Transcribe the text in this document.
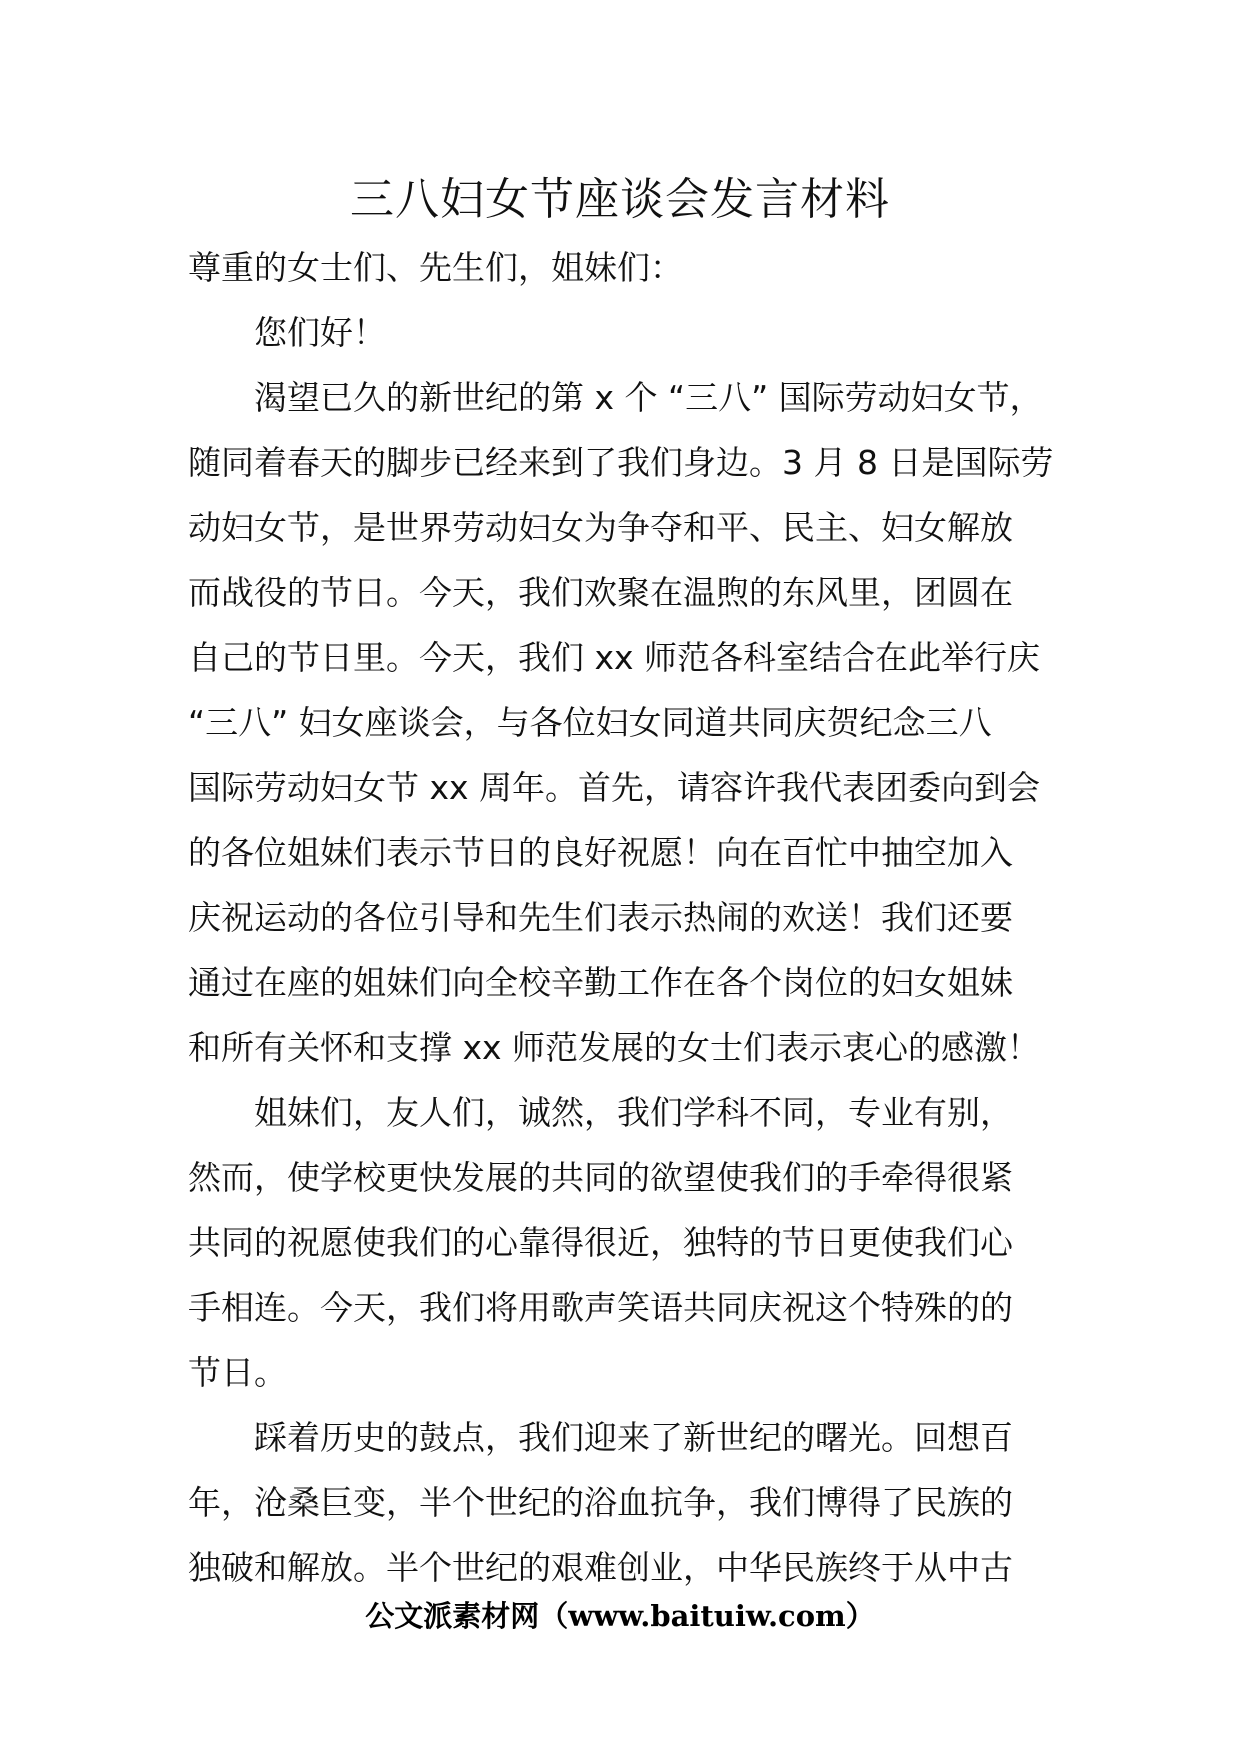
三八妇女节座谈会发言材料
尊重的女士们、先生们，姐妹们：
您们好！
渴望已久的新世纪的第 x 个 “三八” 国际劳动妇女节，
随同着春天的脚步已经来到了我们身边。3 月 8 日是国际劳
动妇女节，是世界劳动妇女为争夺和平、民主、妇女解放
而战役的节日。今天，我们欢聚在温煦的东风里，团圆在
自己的节日里。今天，我们 xx 师范各科室结合在此举行庆
“三八” 妇女座谈会，与各位妇女同道共同庆贺纪念三八
国际劳动妇女节 xx 周年。首先，请容许我代表团委向到会
的各位姐妹们表示节日的良好祝愿！向在百忙中抽空加入
庆祝运动的各位引导和先生们表示热闹的欢送！我们还要
通过在座的姐妹们向全校辛勤工作在各个岗位的妇女姐妹
和所有关怀和支撑 xx 师范发展的女士们表示衷心的感激！
姐妹们，友人们，诚然，我们学科不同，专业有别，
然而，使学校更快发展的共同的欲望使我们的手牵得很紧
共同的祝愿使我们的心靠得很近，独特的节日更使我们心
手相连。今天，我们将用歌声笑语共同庆祝这个特殊的的
节日。
踩着历史的鼓点，我们迎来了新世纪的曙光。回想百
年，沧桑巨变，半个世纪的浴血抗争，我们博得了民族的
独破和解放。半个世纪的艰难创业，中华民族终于从中古
公文派素材网（www.baituiw.com）
